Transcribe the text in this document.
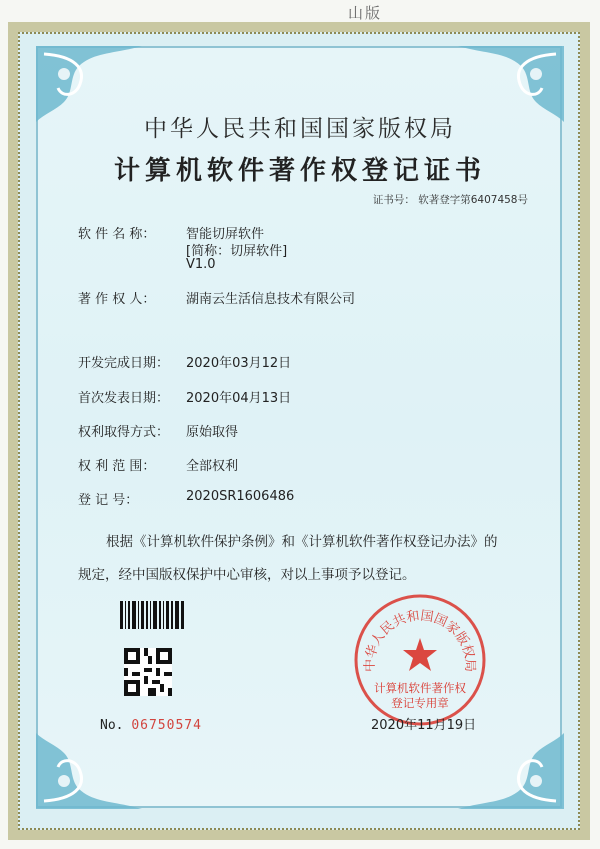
山版
中华人民共和国国家版权局
计算机软件著作权登记证书
证书号： 软著登字第6407458号
软 件 名 称： 智能切屏软件
[简称：切屏软件]
V1.0
著 作 权 人： 湖南云生活信息技术有限公司
开发完成日期： 2020年03月12日
首次发表日期： 2020年04月13日
权利取得方式： 原始取得
权 利 范 围： 全部权利
登 记 号：	2020SR1606486
根据《计算机软件保护条例》和《计算机软件著作权登记办法》的
规定，经中国版权保护中心审核，对以上事项予以登记。
No. 06750574
中华人民共和国国家版权局
计算机软件著作权
登记专用章
2020年11月19日
